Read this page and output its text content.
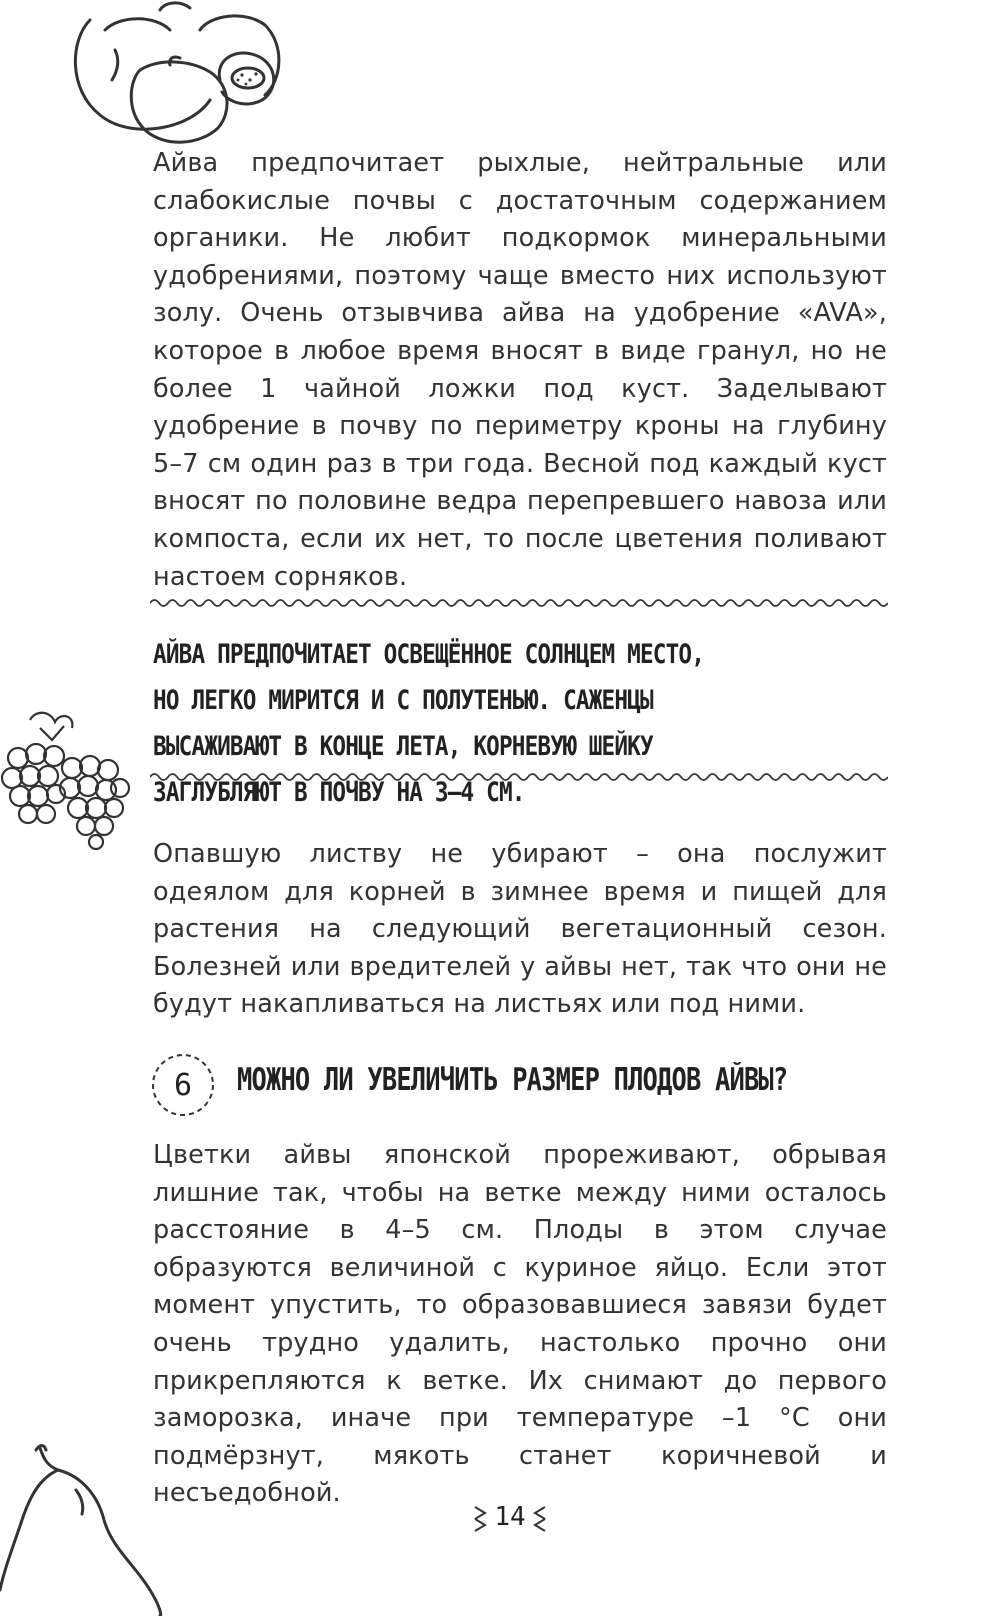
Айва предпочитает рыхлые, нейтральные или слабокислые почвы с достаточным содержанием органики. Не любит подкормок минеральными удобрениями, поэтому чаще вместо них используют золу. Очень отзывчива айва на удобрение «AVA», которое в любое время вносят в виде гранул, но не более 1 чайной ложки под куст. Заделывают удобрение в почву по периметру кроны на глубину 5–7 см один раз в три года. Весной под каждый куст вносят по половине ведра перепревшего навоза или компоста, если их нет, то после цветения поливают настоем сорняков.
АЙВА ПРЕДПОЧИТАЕТ ОСВЕЩЁННОЕ СОЛНЦЕМ МЕСТО, НО ЛЕГКО МИРИТСЯ И С ПОЛУТЕНЬЮ. САЖЕНЦЫ ВЫСАЖИВАЮТ В КОНЦЕ ЛЕТА, КОРНЕВУЮ ШЕЙКУ ЗАГЛУБЛЯЮТ В ПОЧВУ НА 3–4 СМ.
Опавшую листву не убирают – она послужит одеялом для корней в зимнее время и пищей для растения на следующий вегетационный сезон. Болезней или вредителей у айвы нет, так что они не будут накапливаться на листьях или под ними.
6	МОЖНО ЛИ УВЕЛИЧИТЬ РАЗМЕР ПЛОДОВ АЙВЫ?
Цветки айвы японской прореживают, обрывая лишние так, чтобы на ветке между ними осталось расстояние в 4–5 см. Плоды в этом случае образуются величиной с куриное яйцо. Если этот момент упустить, то образовавшиеся завязи будет очень трудно удалить, настолько прочно они прикрепляются к ветке. Их снимают до первого заморозка, иначе при температуре –1 °С они подмёрзнут, мякоть станет коричневой и несъедобной.
14
